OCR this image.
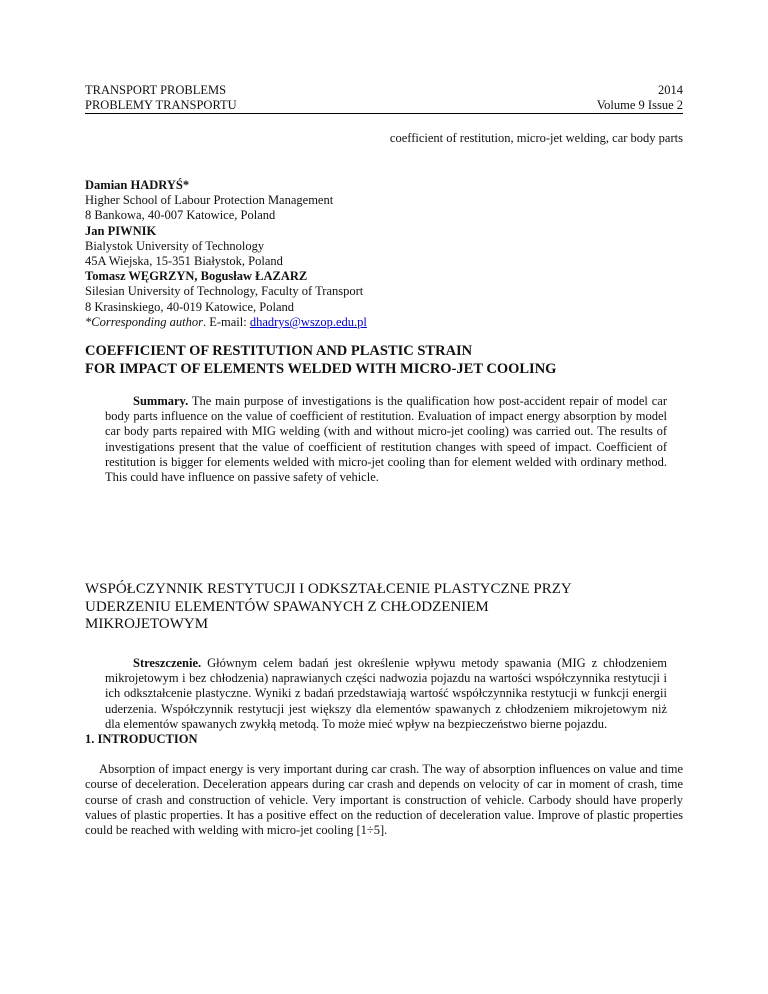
TRANSPORT PROBLEMS	2014
PROBLEMY TRANSPORTU	Volume 9 Issue 2
coefficient of restitution, micro-jet welding, car body parts
Damian HADRYŚ*
Higher School of Labour Protection Management
8 Bankowa, 40-007 Katowice, Poland
Jan PIWNIK
Bialystok University of Technology
45A Wiejska, 15-351 Białystok, Poland
Tomasz WĘGRZYN, Bogusław ŁAZARZ
Silesian University of Technology, Faculty of Transport
8 Krasinskiego, 40-019 Katowice, Poland
*Corresponding author. E-mail: dhadrys@wszop.edu.pl
COEFFICIENT OF RESTITUTION AND PLASTIC STRAIN
FOR IMPACT OF ELEMENTS WELDED WITH MICRO-JET COOLING

Summary. The main purpose of investigations is the qualification how post-accident repair of model car body parts influence on the value of coefficient of restitution. Evaluation of impact energy absorption by model car body parts repaired with MIG welding (with and without micro-jet cooling) was carried out. The results of investigations present that the value of coefficient of restitution changes with speed of impact. Coefficient of restitution is bigger for elements welded with micro-jet cooling than for element welded with ordinary method. This could have influence on passive safety of vehicle.

WSPÓŁCZYNNIK RESTYTUCJI I ODKSZTAŁCENIE PLASTYCZNE PRZY
UDERZENIU ELEMENTÓW SPAWANYCH Z CHŁODZENIEM
MIKROJETOWYM

Streszczenie. Głównym celem badań jest określenie wpływu metody spawania (MIG z chłodzeniem mikrojetowym i bez chłodzenia) naprawianych części nadwozia pojazdu na wartości współczynnika restytucji i ich odkształcenie plastyczne. Wyniki z badań przedstawiają wartość współczynnika restytucji w funkcji energii uderzenia. Współczynnik restytucji jest większy dla elementów spawanych z chłodzeniem mikrojetowym niż dla elementów spawanych zwykłą metodą. To może mieć wpływ na bezpieczeństwo bierne pojazdu.

1. INTRODUCTION

Absorption of impact energy is very important during car crash. The way of absorption influences on value and time course of deceleration. Deceleration appears during car crash and depends on velocity of car in moment of crash, time course of crash and construction of vehicle. Very important is construction of vehicle. Carbody should have properly values of plastic properties. It has a positive effect on the reduction of deceleration value. Improve of plastic properties could be reached with welding with micro-jet cooling [1÷5].
